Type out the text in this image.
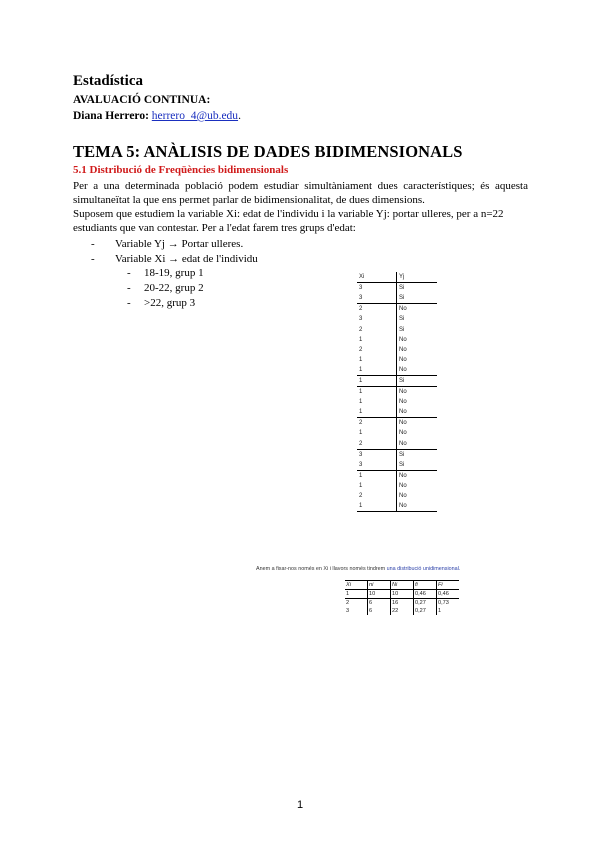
Estadística
AVALUACIÓ CONTINUA:
Diana Herrero: herrero_4@ub.edu.
TEMA 5: ANÀLISIS DE DADES BIDIMENSIONALS
5.1 Distribució de Freqüències bidimensionals
Per a una determinada població podem estudiar simultàniament dues característiques; és aquesta simultaneïtat la que ens permet parlar de bidimensionalitat, de dues dimensions.
Suposem que estudiem la variable Xi: edat de l'individu i la variable Yj: portar ulleres, per a n=22 estudiants que van contestar. Per a l'edat farem tres grups d'edat:
- Variable Yj → Portar ulleres.
- Variable Xi → edat de l'individu
- 18-19, grup 1
- 20-22, grup 2
- >22, grup 3
Xi	Yj
3	Si
3	Si
2	No
3	Si
2	Si
1	No
2	No
1	No
1	No
1	Si
1	No
1	No
1	No
2	No
1	No
2	No
3	Si
3	Si
1	No
1	No
2	No
1	No
Anem a fixar-nos només en Xi i llavors només tindrem una distribució unidimensional.
Xi	ni	Ni	fi	Fi
1	10	10	0,46	0,46
2	6	16	0,27	0,73
3	6	22	0,27	1
1
